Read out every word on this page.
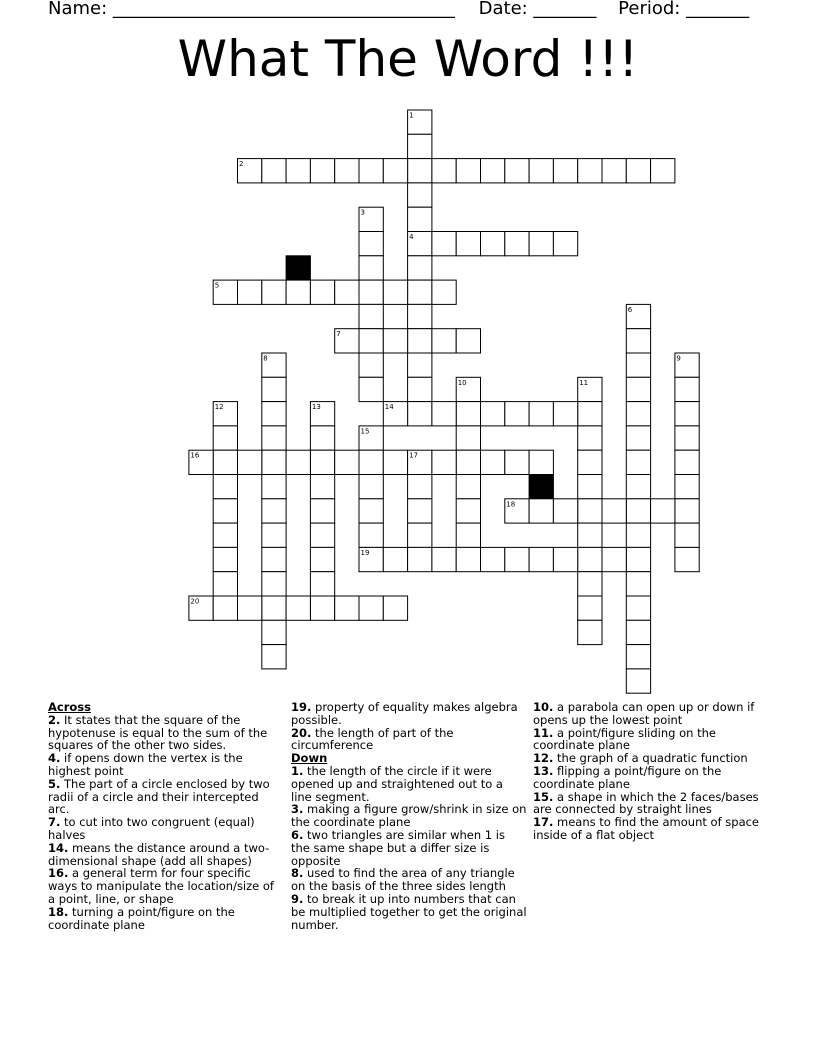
Name: ______________________________________ Date: _______ Period: _______
What The Word !!!
1
2
3
4
5
6
7
8	9
10	11
12	13	14
15
16	17
18
19
20
Across
2. It states that the square of the hypotenuse is equal to the sum of the squares of the other two sides.
4. if opens down the vertex is the highest point
5. The part of a circle enclosed by two radii of a circle and their intercepted arc.
7. to cut into two congruent (equal) halves
14. means the distance around a two-dimensional shape (add all shapes)
16. a general term for four specific ways to manipulate the location/size of a point, line, or shape
18. turning a point/figure on the coordinate plane
19. property of equality makes algebra possible.
20. the length of part of the circumference
Down
1. the length of the circle if it were opened up and straightened out to a line segment.
3. making a figure grow/shrink in size on the coordinate plane
6. two triangles are similar when 1 is the same shape but a differ size is opposite
8. used to find the area of any triangle on the basis of the three sides length
9. to break it up into numbers that can be multiplied together to get the original number.
10. a parabola can open up or down if opens up the lowest point
11. a point/figure sliding on the coordinate plane
12. the graph of a quadratic function
13. flipping a point/figure on the coordinate plane
15. a shape in which the 2 faces/bases are connected by straight lines
17. means to find the amount of space inside of a flat object
